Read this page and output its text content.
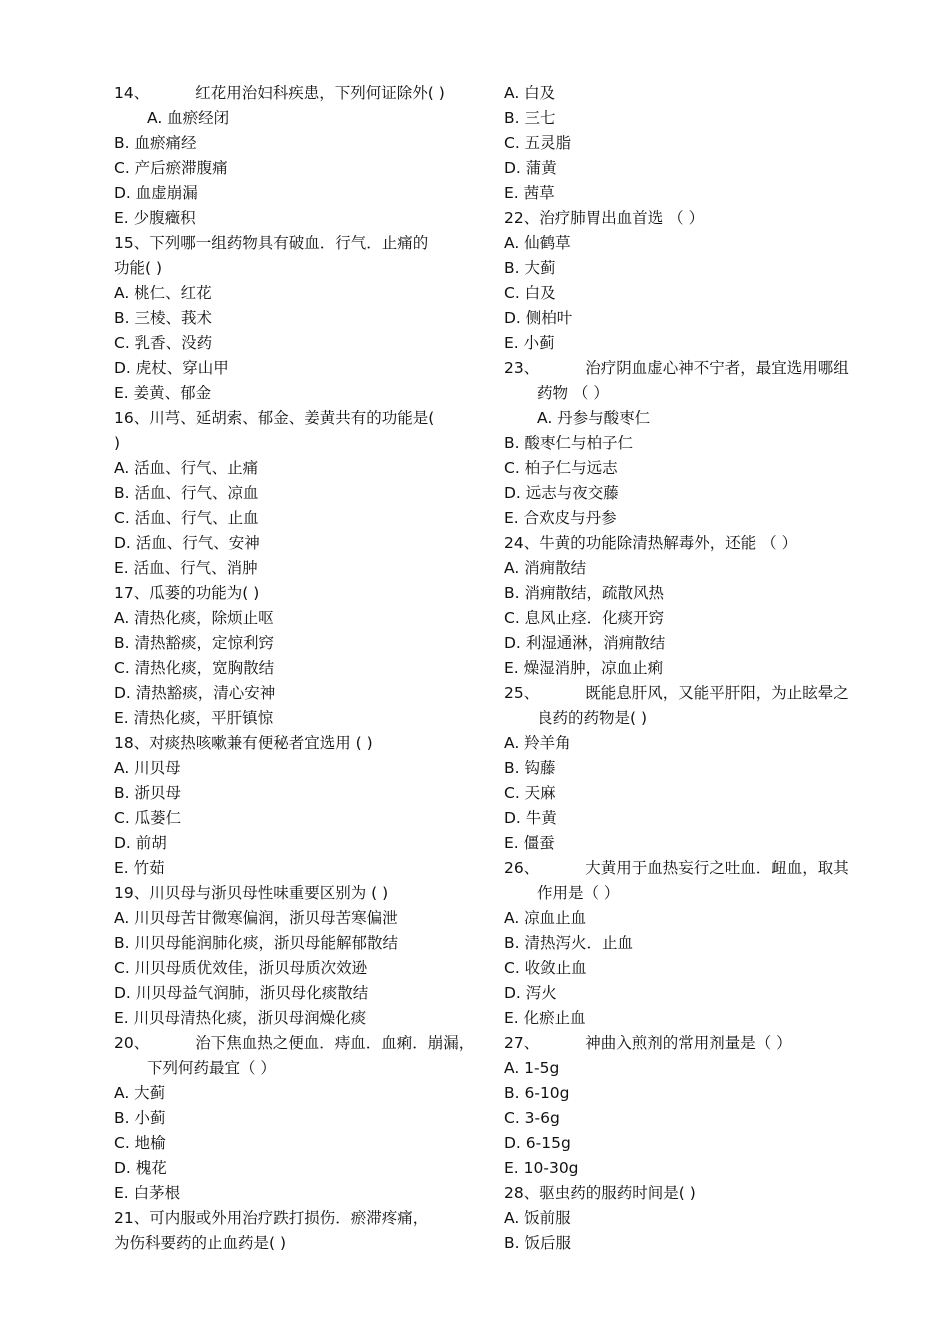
14、	红花用治妇科疾患，下列何证除外( )
A. 血瘀经闭
B. 血瘀痛经
C. 产后瘀滞腹痛
D. 血虚崩漏
E. 少腹癥积
15、下列哪一组药物具有破血．行气．止痛的
功能( )
A. 桃仁、红花
B. 三棱、莪术
C. 乳香、没药
D. 虎杖、穿山甲
E. 姜黄、郁金
16、川芎、延胡索、郁金、姜黄共有的功能是(
)
A. 活血、行气、止痛
B. 活血、行气、凉血
C. 活血、行气、止血
D. 活血、行气、安神
E. 活血、行气、消肿
17、瓜蒌的功能为( )
A. 清热化痰，除烦止呕
B. 清热豁痰，定惊利窍
C. 清热化痰，宽胸散结
D. 清热豁痰，清心安神
E. 清热化痰，平肝镇惊
18、对痰热咳嗽兼有便秘者宜选用 ( )
A. 川贝母
B. 浙贝母
C. 瓜蒌仁
D. 前胡
E. 竹茹
19、川贝母与浙贝母性味重要区别为 ( )
A. 川贝母苦甘微寒偏润，浙贝母苦寒偏泄
B. 川贝母能润肺化痰，浙贝母能解郁散结
C. 川贝母质优效佳，浙贝母质次效逊
D. 川贝母益气润肺，浙贝母化痰散结
E. 川贝母清热化痰，浙贝母润燥化痰
20、	治下焦血热之便血．痔血．血痢．崩漏，
下列何药最宜（ ）
A. 大蓟
B. 小蓟
C. 地榆
D. 槐花
E. 白茅根
21、可内服或外用治疗跌打损伤．瘀滞疼痛，
为伤科要药的止血药是( )
A. 白及
B. 三七
C. 五灵脂
D. 蒲黄
E. 茜草
22、治疗肺胃出血首选 （ ）
A. 仙鹤草
B. 大蓟
C. 白及
D. 侧柏叶
E. 小蓟
23、	治疗阴血虚心神不宁者，最宜选用哪组
药物 （ ）
A. 丹参与酸枣仁
B. 酸枣仁与柏子仁
C. 柏子仁与远志
D. 远志与夜交藤
E. 合欢皮与丹参
24、牛黄的功能除清热解毒外，还能 （ ）
A. 消痈散结
B. 消痈散结，疏散风热
C. 息风止痉．化痰开窍
D. 利湿通淋，消痈散结
E. 燥湿消肿，凉血止痢
25、	既能息肝风，又能平肝阳，为止眩晕之
良药的药物是( )
A. 羚羊角
B. 钩藤
C. 天麻
D. 牛黄
E. 僵蚕
26、	大黄用于血热妄行之吐血．衄血，取其
作用是（ ）
A. 凉血止血
B. 清热泻火．止血
C. 收敛止血
D. 泻火
E. 化瘀止血
27、	神曲入煎剂的常用剂量是（ ）
A. 1-5g
B. 6-10g
C. 3-6g
D. 6-15g
E. 10-30g
28、驱虫药的服药时间是( )
A. 饭前服
B. 饭后服
